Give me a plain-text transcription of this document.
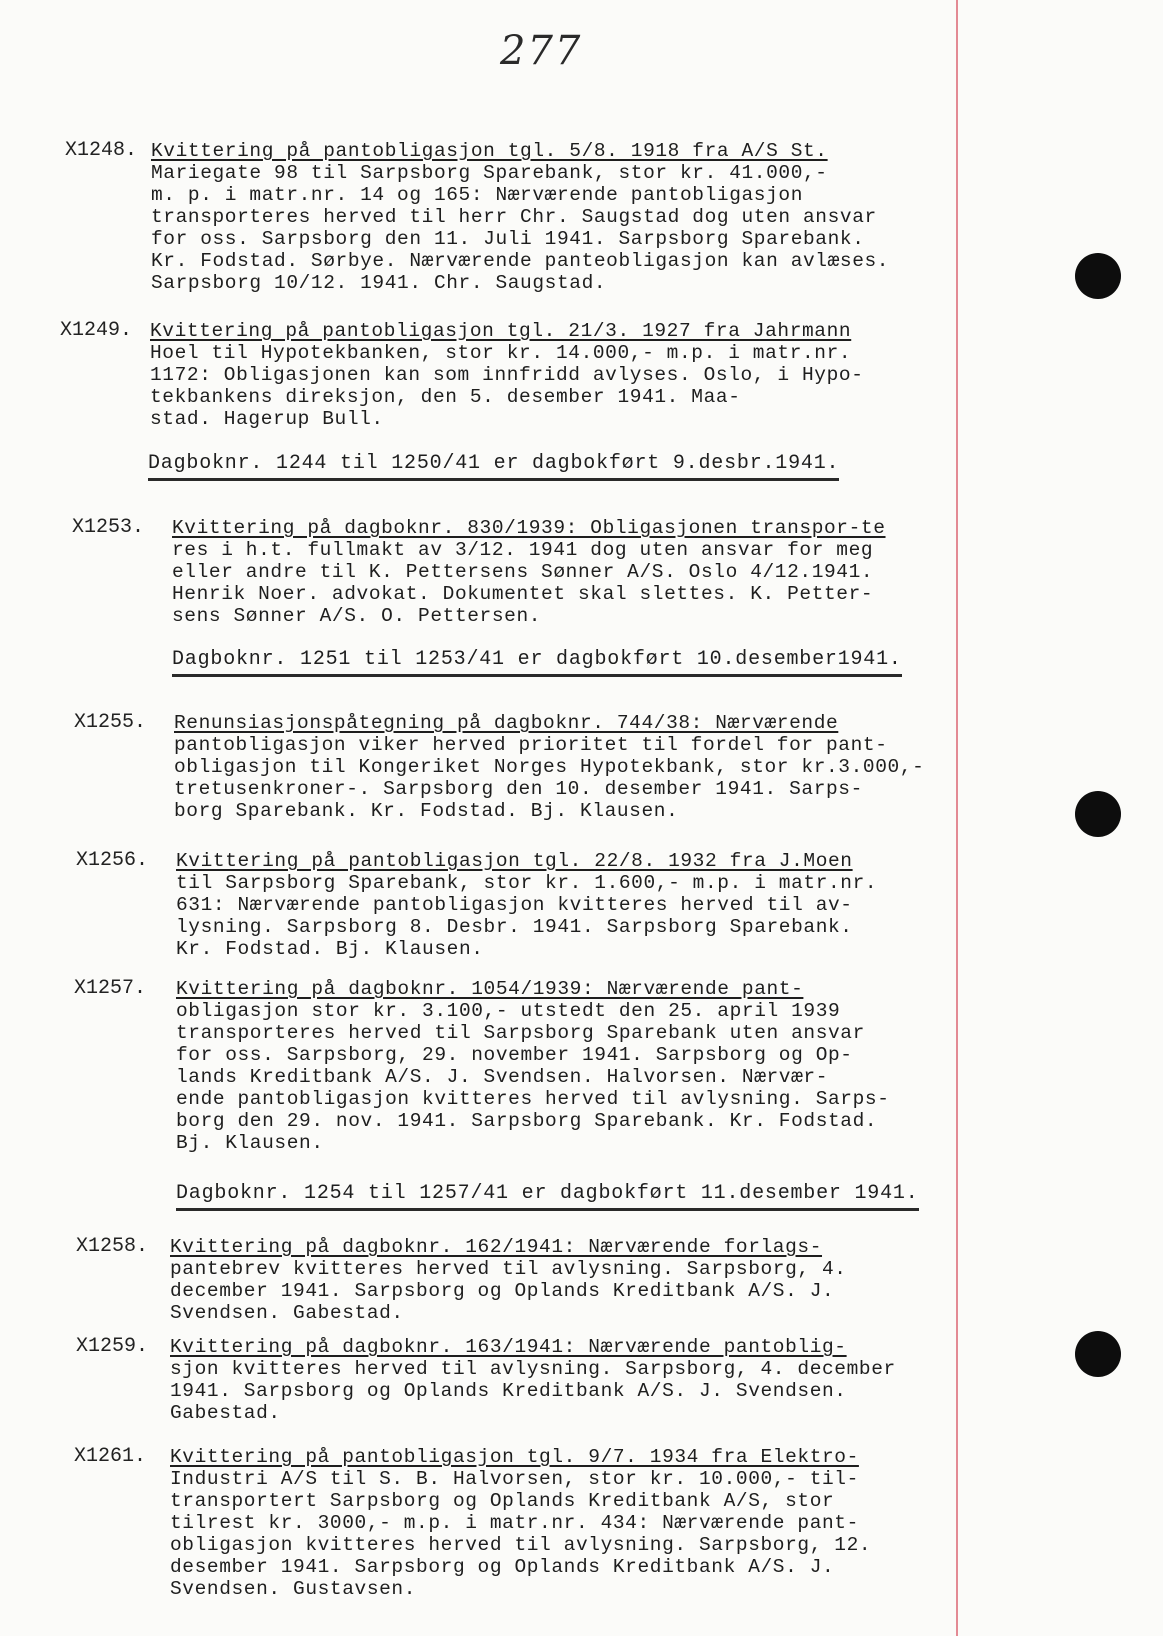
277
X1248. Kvittering på pantobligasjon tgl. 5/8. 1918 fra A/S St.
Mariegate 98 til Sarpsborg Sparebank, stor kr. 41.000,-
m. p. i matr.nr. 14 og 165: Nærværende pantobligasjon
transporteres herved til herr Chr. Saugstad dog uten ansvar
for oss. Sarpsborg den 11. Juli 1941. Sarpsborg Sparebank.
Kr. Fodstad. Sørbye. Nærværende panteobligasjon kan avlæses.
Sarpsborg 10/12. 1941. Chr. Saugstad.
X1249. Kvittering på pantobligasjon tgl. 21/3. 1927 fra Jahrmann
Hoel til Hypotekbanken, stor kr. 14.000,- m.p. i matr.nr.
1172: Obligasjonen kan som innfridd avlyses. Oslo, i Hypo-
tekbankens direksjon, den 5. desember 1941. Maa-
stad. Hagerup Bull.
Dagboknr. 1244 til 1250/41 er dagbokført 9.desbr.1941.
X1253. Kvittering på dagboknr. 830/1939: Obligasjonen transpor-te
res i h.t. fullmakt av 3/12. 1941 dog uten ansvar for meg
eller andre til K. Pettersens Sønner A/S. Oslo 4/12.1941.
Henrik Noer. advokat. Dokumentet skal slettes. K. Petter-
sens Sønner A/S. O. Pettersen.
Dagboknr. 1251 til 1253/41 er dagbokført 10.desember1941.
X1255. Renunsiasjonspåtegning på dagboknr. 744/38: Nærværende
pantobligasjon viker herved prioritet til fordel for pant-
obligasjon til Kongeriket Norges Hypotekbank, stor kr.3.000,-
tretusenkroner-. Sarpsborg den 10. desember 1941. Sarps-
borg Sparebank. Kr. Fodstad. Bj. Klausen.
X1256. Kvittering på pantobligasjon tgl. 22/8. 1932 fra J.Moen
til Sarpsborg Sparebank, stor kr. 1.600,- m.p. i matr.nr.
631: Nærværende pantobligasjon kvitteres herved til av-
lysning. Sarpsborg 8. Desbr. 1941. Sarpsborg Sparebank.
Kr. Fodstad. Bj. Klausen.
X1257. Kvittering på dagboknr. 1054/1939: Nærværende pant-
obligasjon stor kr. 3.100,- utstedt den 25. april 1939
transporteres herved til Sarpsborg Sparebank uten ansvar
for oss. Sarpsborg, 29. november 1941. Sarpsborg og Op-
lands Kreditbank A/S. J. Svendsen. Halvorsen. Nærvær-
ende pantobligasjon kvitteres herved til avlysning. Sarps-
borg den 29. nov. 1941. Sarpsborg Sparebank. Kr. Fodstad.
Bj. Klausen.
Dagboknr. 1254 til 1257/41 er dagbokført 11.desember 1941.
X1258. Kvittering på dagboknr. 162/1941: Nærværende forlags-
pantebrev kvitteres herved til avlysning. Sarpsborg, 4.
december 1941. Sarpsborg og Oplands Kreditbank A/S. J.
Svendsen. Gabestad.
X1259. Kvittering på dagboknr. 163/1941: Nærværende pantoblig-
sjon kvitteres herved til avlysning. Sarpsborg, 4. december
1941. Sarpsborg og Oplands Kreditbank A/S. J. Svendsen.
Gabestad.
X1261. Kvittering på pantobligasjon tgl. 9/7. 1934 fra Elektro-
Industri A/S til S. B. Halvorsen, stor kr. 10.000,- til-
transportert Sarpsborg og Oplands Kreditbank A/S, stor
tilrest kr. 3000,- m.p. i matr.nr. 434: Nærværende pant-
obligasjon kvitteres herved til avlysning. Sarpsborg, 12.
desember 1941. Sarpsborg og Oplands Kreditbank A/S. J.
Svendsen. Gustavsen.
